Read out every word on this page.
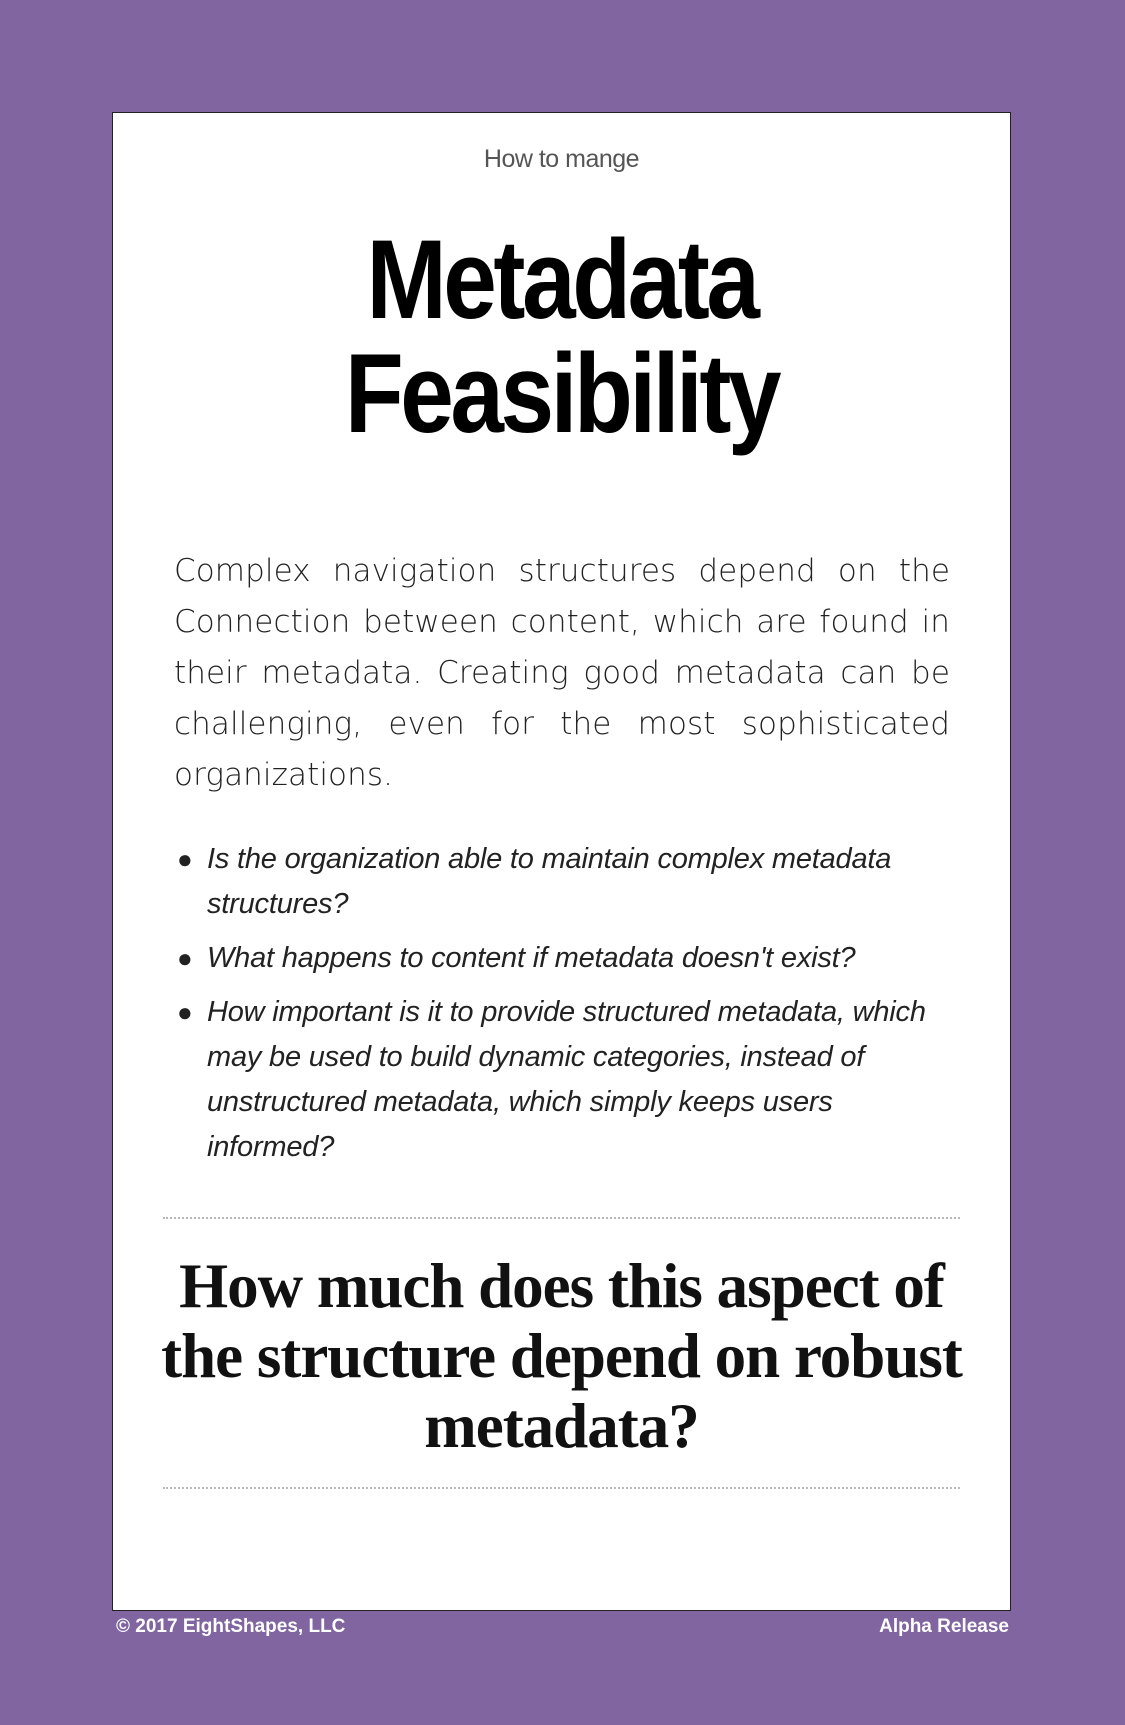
How to mange
Metadata
Feasibility

Complex navigation structures depend on the Connection between content, which are found in their metadata. Creating good metadata can be challenging, even for the most sophisticated organizations.

● Is the organization able to maintain complex metadata structures?
● What happens to content if metadata doesn't exist?
● How important is it to provide structured metadata, which may be used to build dynamic categories, instead of unstructured metadata, which simply keeps users informed?
How much does this aspect of the structure depend on robust metadata?
© 2017 EightShapes, LLC	Alpha Release
